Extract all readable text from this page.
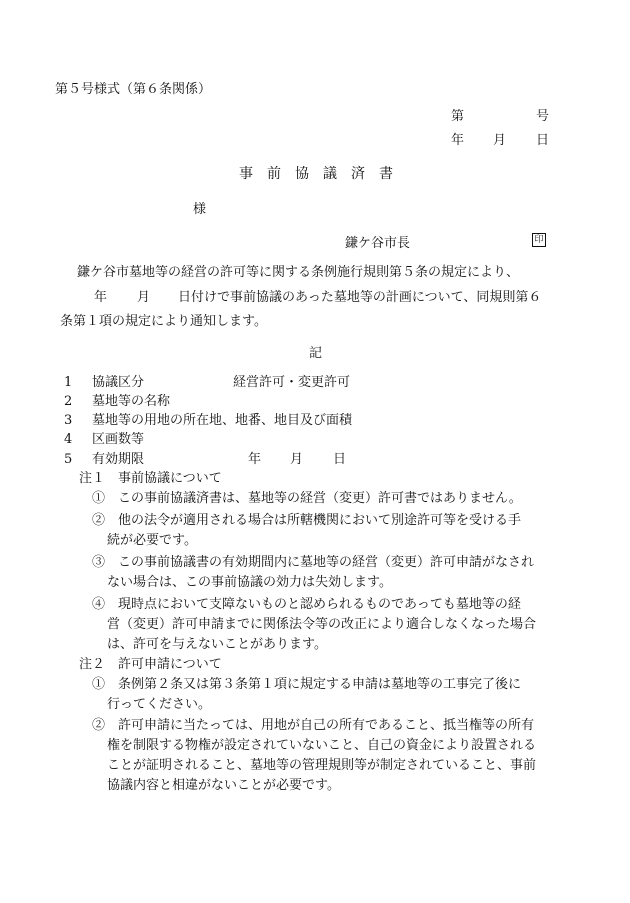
第５号様式（第６条関係）
第	号
年 月 日
事　前　協　議　済　書
様
鎌ケ谷市長	印
鎌ケ谷市墓地等の経営の許可等に関する条例施行規則第５条の規定により、
年 月 日付けで事前協議のあった墓地等の計画について、同規則第６
条第１項の規定により通知します。
記
1 協議区分	経営許可・変更許可
2 墓地等の名称
3 墓地等の用地の所在地、地番、地目及び面積
4 区画数等
5 有効期限	年 月 日
注１　事前協議について
①　この事前協議済書は、墓地等の経営（変更）許可書ではありません。
②　他の法令が適用される場合は所轄機関において別途許可等を受ける手
続が必要です。
③　この事前協議書の有効期間内に墓地等の経営（変更）許可申請がなされ
ない場合は、この事前協議の効力は失効します。
④　現時点において支障ないものと認められるものであっても墓地等の経
営（変更）許可申請までに関係法令等の改正により適合しなくなった場合
は、許可を与えないことがあります。
注２　許可申請について
①　条例第２条又は第３条第１項に規定する申請は墓地等の工事完了後に
行ってください。
②　許可申請に当たっては、用地が自己の所有であること、抵当権等の所有
権を制限する物権が設定されていないこと、自己の資金により設置される
ことが証明されること、墓地等の管理規則等が制定されていること、事前
協議内容と相違がないことが必要です。
